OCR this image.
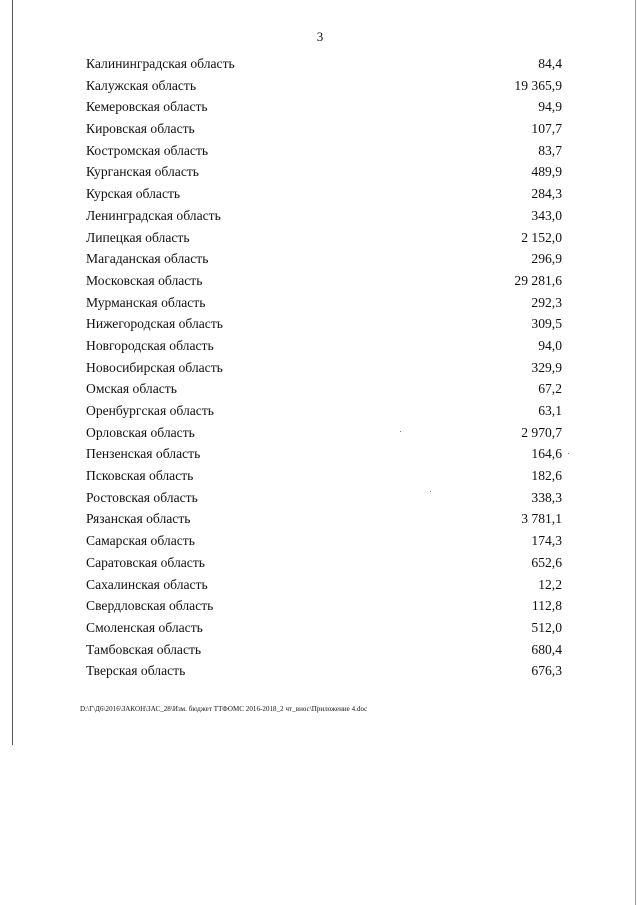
3
Калининградская область	84,4
Калужская область	19 365,9
Кемеровская область	94,9
Кировская область	107,7
Костромская область	83,7
Курганская область	489,9
Курская область	284,3
Ленинградская область	343,0
Липецкая область	2 152,0
Магаданская область	296,9
Московская область	29 281,6
Мурманская область	292,3
Нижегородская область	309,5
Новгородская область	94,0
Новосибирская область	329,9
Омская область	67,2
Оренбургская область	63,1
Орловская область	2 970,7
Пензенская область	164,6
Псковская область	182,6
Ростовская область	338,3
Рязанская область	3 781,1
Самарская область	174,3
Саратовская область	652,6
Сахалинская область	12,2
Свердловская область	112,8
Смоленская область	512,0
Тамбовская область	680,4
Тверская область	676,3
D:\Г\Д6\2016\ЗАКОН\ЗАС_28\Изм. бюджет ТТФОМС 2016-2018_2 чт_внос\Приложение 4.doc
